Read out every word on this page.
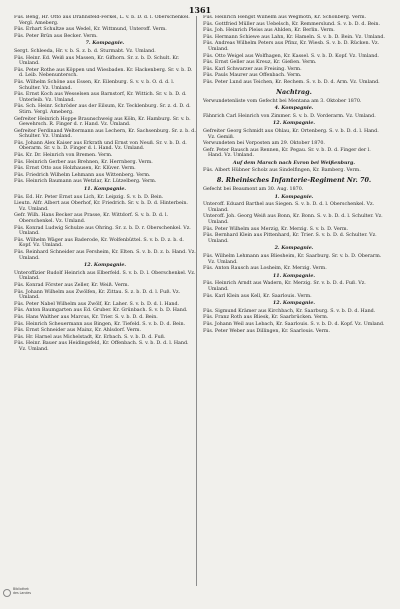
1361
Füs. Beng, Hr. Otto aus Drahnsfeld-Ferkel, L. v. b. D. d. l. Oberschenkel. Vergl. Ameberg.
Füs. Erhart Schultze aus Wedel, Kr. Wittmund, Unteroff. Verm.
Füs. Peter Brün aus Becker. Verm.
7. Kompagnie.
Sergt. Schleeda, Hr. v. b. S. z. b. d. Sturmabt. Vz. Umland.
Füs. Heinr. Ed. Weiß aus Massen, Kr. Gifhorn. Sr. z. b. D. Schult. Kr. Umland.
Füs. Peter Rothe aus Köppen und Wiesbaden. Kr. Hackenberg. Sr. v. b. D. d. Leib. Nebenuntersch.
Füs. Wilhelm Schöne aus Essen, Kr. Eilenburg. S. v. v. b. O. d. d. l. Schulter. Vz. Umland.
Füs. Ernst Koch aus Wesselsen aus Barnstorf, Kr. Wittich. Sr. v. b. D. d. Unterleib. Vz. Umland.
Füs. Sch. Heinr. Schröder aus der Eilsum, Kr. Tecklenburg. Sr. z. d. D. d. Stirn. Vergl. Ameberg.
Gefreiter Heinrich Hoppe Braunschweig aus Köln, Kr. Hamburg. Sr. v. b. Gewehrsch. R. Finger d. r. Hand. Vz. Umland.
Gefreiter Ferdinand Weltermann aus Lechern, Kr. Sachsenburg. Sr. z. b. d. Schulter. Vz. Umland.
Füs. Johann Alex Kaiser aus Erkrath und Ernst von Neuß. Sr. v. b. D. d. Oberarm. Sr. v. b. D. Finger d. l. Hand. Vz. Umland.
Füs. Kr. Dr. Heinrich von Bremen. Verm.
Füs. Heinrich Gerber aus Brehnen, Kr. Herrnberg. Verm.
Füs. Ernst Otto aus Holzhausen, Kr. Klüver. Verm.
Füs. Friedrich Wilhelm Lehmann aus Wittenberg. Verm.
Füs. Heinrich Baumann aus Wetzlar, Kr. Lützelberg. Verm.
11. Kompagnie.
Füs. Ed. Hr. Peter Ernst aus Lich, Kr. Leipzig. S. v. b. D. Bein.
Lieutn. Alfr. Albert aus Oberhof, Kr. Friedrich. Sr. v. b. D. d. Hinterbein. Vz. Umland.
Gefr. Wilh. Hans Becker aus Prasse, Kr. Wittdorf. S. v. b. D. d. l. Oberschenkel. Vz. Umland.
Füs. Konrad Ludwig Schulze aus Ohring. Sr. z. b. D. r. Oberschenkel. Vz. Umland.
Füs. Wilhelm Wäger aus Baderode, Kr. Wolfenbüttel. S. v. b. D. z. b. d. Kopf. Vz. Umland.
Füs. Reinhard Schneider aus Fersheim, Kr. Elten. S. v. b. D. z. b. Hand. Vz. Umland.
12. Kompagnie.
Unteroffizier Rudolf Heinrich aus Elberfeld. S. v. b. D. l. Oberschenkel. Vz. Umland.
Füs. Konrad Förster aus Zeller, Kr. Weiß. Verm.
Füs. Johann Wilhelm aus Zwölfen, Kr. Zittau. S. z. b. D. d. l. Fuß. Vz. Umland.
Füs. Peter Nabel Wilhelm aus Zwölf, Kr. Laher. S. v. b. D. d. l. Hand.
Füs. Anton Baumgarten aus Ed. Gruber. Kr. Grünbach. S. v. b. D. Hand.
Füs. Hans Walther aus Marcus, Kr. Trier. S. v. b. D. d. Bein.
Füs. Heinrich Scheuermann aus Bingen, Kr. Tiefeld. S. v. b. D. d. Bein.
Füs. Ernst Schneider aus Mainz, Kr. Ahlsdorf. Verm.
Füs. Hr. Harnel aus Michelstadt, Kr. Erbach. S. v. b. D. d. Fuß.
Füs. Heinr. Bauer aus Heidingsfeld, Kr. Offenbach. S. v. b. D. d. l. Hand. Vz. Umland.
Füs. Heinrich Hengst Wilhelm aus Wegmoth, Kr. Schönberg. Verm.
Füs. Gottfried Müller aus Uebelsch, Kr. Remmerslund. S. v. b. D. d. Bein.
Füs. Joh. Heinrich Pleiss aus Ahlden, Kr. Berlin. Verm.
Füs. Hermann Schiewe aus Lahn, Kr. Hameln. S. v. b. D. Bein. Vz. Umland.
Füs. Andreas Wilhelm Peters aus Pfinz, Kr. Wiesb. S. v. b. D. Rücken. Vz. Umland.
Füs. Otto Weigel aus Wolfhagen, Kr. Kassel. S. v. b. D. Kopf. Vz. Umland.
Füs. Ernst Geller aus Kreuz, Kr. Gießen. Verm.
Füs. Karl Schwarzer aus Freising. Verm.
Füs. Pauls Maurer aus Offenbach. Verm.
Füs. Peter Lund aus Teichen, Kr. Rechem. S. v. b. D. d. Arm. Vz. Umland.
Nachtrag.
Verwundetenliste vom Gefecht bei Mentana am 3. Oktober 1870.
4. Kompagnie.
Fähnrich Carl Heinrich von Zimmer. S. v. b. D. Vorderarm. Vz. Umland.
12. Kompagnie.
Gefreiter Georg Schmidt aus Ohlau, Kr. Ortenberg. S. v. b. D. d. l. Hand. Vz. Gemiß.
Verwundeten bei Vorposten am 29. Oktober 1870.
Gefr. Peter Rausch aus Rennen, Kr. Pegau. Sr. v. b. D. d. Finger der l. Hand. Vz. Umland.
Auf dem Marsch nach Evron bei Weißenburg.
Füs. Albert Hübner Scholz aus Sindelfingen, Kr. Bamberg. Verm.
8. Rheinisches Infanterie-Regiment Nr. 70.
Gefecht bei Beaumont am 30. Aug. 1870.
1. Kompagnie.
Unteroff. Eduard Barthel aus Siegen. S. v. b. D. d. l. Oberschenkel. Vz. Umland.
Unteroff. Joh. Georg Weiß aus Bonn, Kr. Bonn. S. v. b. D. d. l. Schulter. Vz. Umland.
Füs. Peter Wilhelm aus Merzig, Kr. Merzig. S. v. b. D. Verm.
Füs. Bernhard Klein aus Pittenhard, Kr. Trier. S. v. b. D. d. Schulter. Vz. Umland.
2. Kompagnie.
Füs. Wilhelm Lehmann aus Bliesheim, Kr. Saarburg. Sr. v. b. D. Oberarm. Vz. Umland.
Füs. Anton Rausch aus Losheim, Kr. Merzig. Verm.
11. Kompagnie.
Füs. Heinrich Arndt aus Wadern, Kr. Merzig. Sr. v. b. D. d. Fuß. Vz. Umland.
Füs. Karl Klein aus Kell, Kr. Saarlouis. Verm.
12. Kompagnie.
Füs. Sigmund Krämer aus Kirchbach, Kr. Saarburg. S. v. b. D. d. Hand.
Füs. Franz Roth aus Bliesk, Kr. Saarbrücken. Verm.
Füs. Johann Weil aus Lebach, Kr. Saarlouis. S. v. b. D. d. Kopf. Vz. Umland.
Füs. Peter Weber aus Dillingen, Kr. Saarlouis. Verm.
Bibliothek
des Landes
